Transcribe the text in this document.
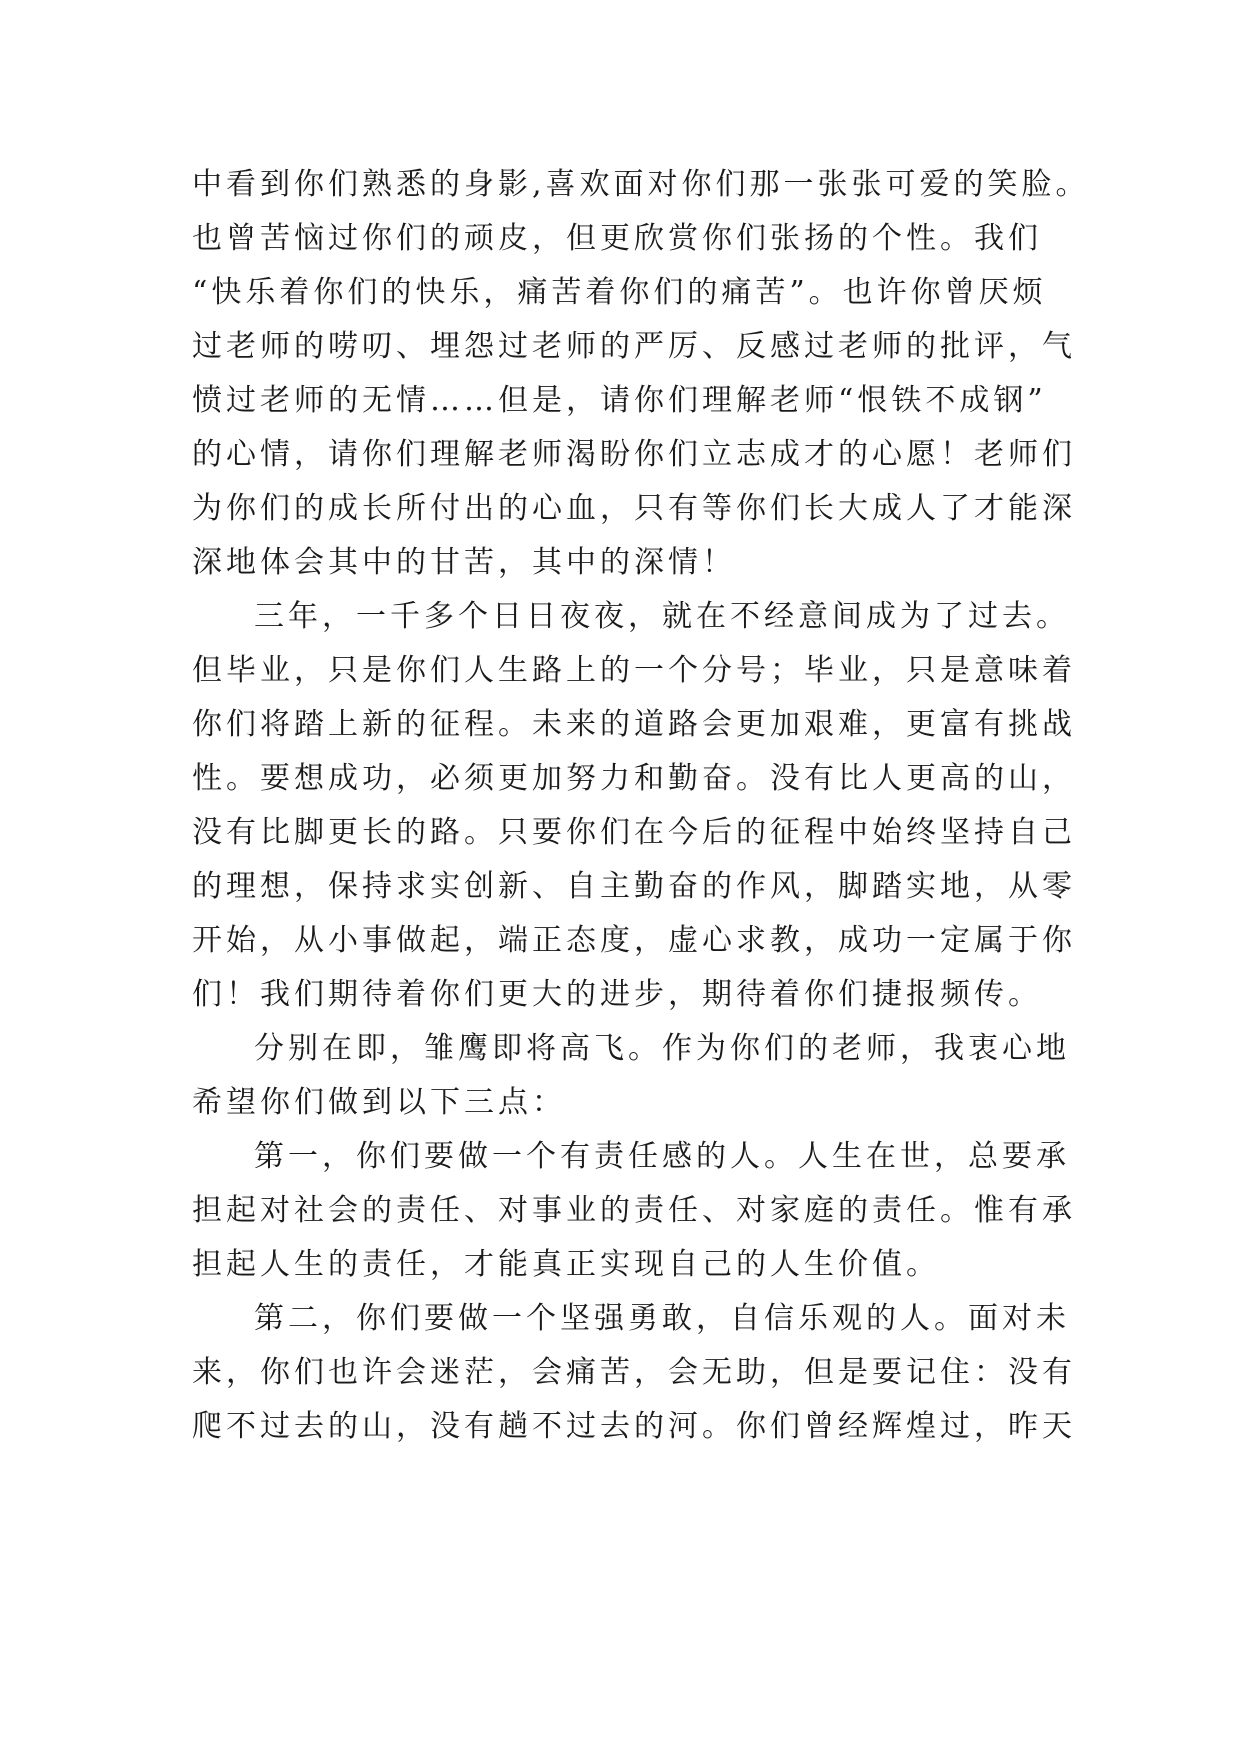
中看到你们熟悉的身影,喜欢面对你们那一张张可爱的笑脸。
也曾苦恼过你们的顽皮，但更欣赏你们张扬的个性。我们
“快乐着你们的快乐，痛苦着你们的痛苦”。也许你曾厌烦
过老师的唠叨、埋怨过老师的严厉、反感过老师的批评，气
愤过老师的无情……但是，请你们理解老师“恨铁不成钢”
的心情，请你们理解老师渴盼你们立志成才的心愿！老师们
为你们的成长所付出的心血，只有等你们长大成人了才能深
深地体会其中的甘苦，其中的深情！
三年，一千多个日日夜夜，就在不经意间成为了过去。
但毕业，只是你们人生路上的一个分号；毕业，只是意味着
你们将踏上新的征程。未来的道路会更加艰难，更富有挑战
性。要想成功，必须更加努力和勤奋。没有比人更高的山，
没有比脚更长的路。只要你们在今后的征程中始终坚持自己
的理想，保持求实创新、自主勤奋的作风，脚踏实地，从零
开始，从小事做起，端正态度，虚心求教，成功一定属于你
们！我们期待着你们更大的进步，期待着你们捷报频传。
分别在即，雏鹰即将高飞。作为你们的老师，我衷心地
希望你们做到以下三点：
第一，你们要做一个有责任感的人。人生在世，总要承
担起对社会的责任、对事业的责任、对家庭的责任。惟有承
担起人生的责任，才能真正实现自己的人生价值。
第二，你们要做一个坚强勇敢，自信乐观的人。面对未
来，你们也许会迷茫，会痛苦，会无助，但是要记住：没有
爬不过去的山，没有趟不过去的河。你们曾经辉煌过，昨天
